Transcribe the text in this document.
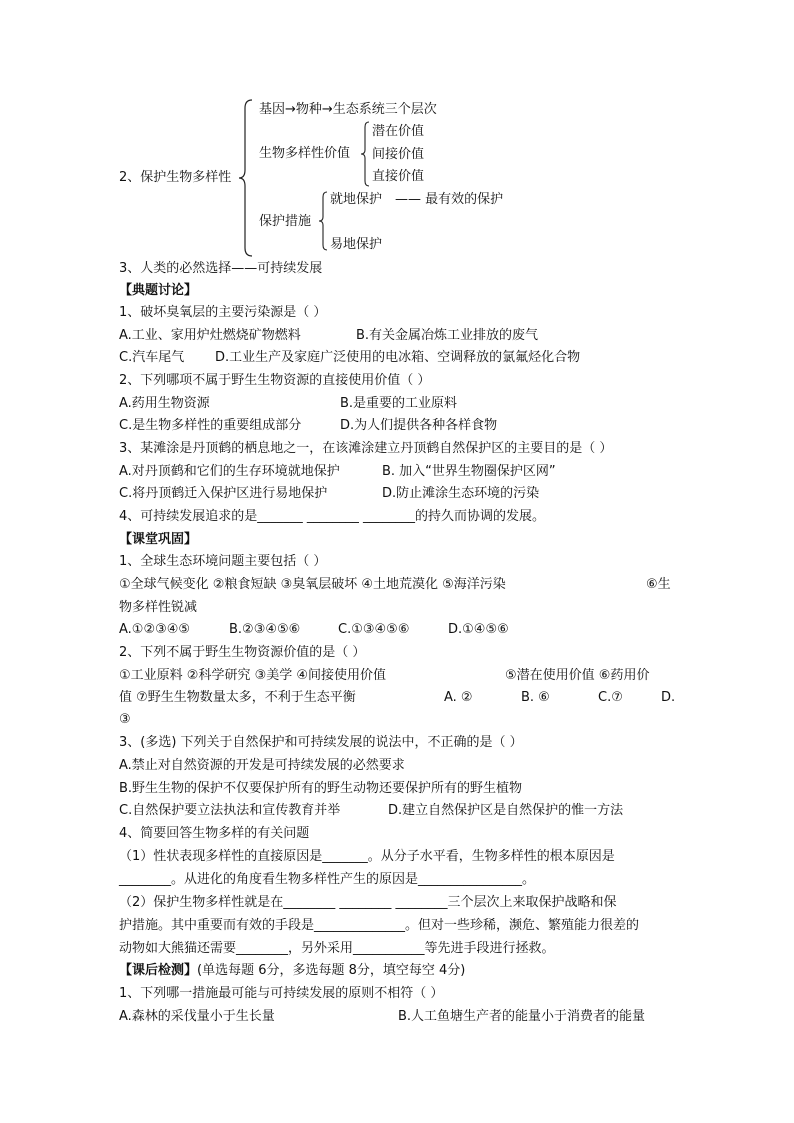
2、保护生物多样性
基因→物种→生态系统三个层次
生物多样性价值
潜在价值
间接价值
直接价值
保护措施
就地保护 —— 最有效的保护
易地保护
3、人类的必然选择——可持续发展
【典题讨论】
1、破坏臭氧层的主要污染源是（ ）
A.工业、家用炉灶燃烧矿物燃料	B.有关金属冶炼工业排放的废气
C.汽车尾气 D.工业生产及家庭广泛使用的电冰箱、空调释放的氯氟烃化合物
2、下列哪项不属于野生生物资源的直接使用价值（ ）
A.药用生物资源	B.是重要的工业原料
C.是生物多样性的重要组成部分	D.为人们提供各种各样食物
3、某滩涂是丹顶鹤的栖息地之一，在该滩涂建立丹顶鹤自然保护区的主要目的是（ ）
A.对丹顶鹤和它们的生存环境就地保护	B. 加入“世界生物圈保护区网”
C.将丹顶鹤迁入保护区进行易地保护	D.防止滩涂生态环境的污染
4、可持续发展追求的是_______ ________ ________的持久而协调的发展。
【课堂巩固】
1、全球生态环境问题主要包括（ ）
①全球气候变化 ②粮食短缺 ③臭氧层破坏 ④土地荒漠化 ⑤海洋污染	⑥生
物多样性锐减
A.①②③④⑤	B.②③④⑤⑥	C.①③④⑤⑥	D.①④⑤⑥
2、下列不属于野生生物资源价值的是（ ）
①工业原料 ②科学研究 ③美学 ④间接使用价值	⑤潜在使用价值 ⑥药用价
值 ⑦野生生物数量太多，不利于生态平衡	A. ②	B. ⑥	C.⑦	D.
③
3、(多选) 下列关于自然保护和可持续发展的说法中，不正确的是（ ）
A.禁止对自然资源的开发是可持续发展的必然要求
B.野生生物的保护不仅要保护所有的野生动物还要保护所有的野生植物
C.自然保护要立法执法和宣传教育并举	D.建立自然保护区是自然保护的惟一方法
4、简要回答生物多样的有关问题
（1）性状表现多样性的直接原因是_______。从分子水平看，生物多样性的根本原因是
________。从进化的角度看生物多样性产生的原因是________________。
（2）保护生物多样性就是在________ ________ ________三个层次上来取保护战略和保
护措施。其中重要而有效的手段是______________。但对一些珍稀，濒危、繁殖能力很差的
动物如大熊猫还需要________，另外采用___________等先进手段进行拯救。
【课后检测】(单选每题 6分，多选每题 8分，填空每空 4分)
1、下列哪一措施最可能与可持续发展的原则不相符（ ）
A.森林的采伐量小于生长量	B.人工鱼塘生产者的能量小于消费者的能量
